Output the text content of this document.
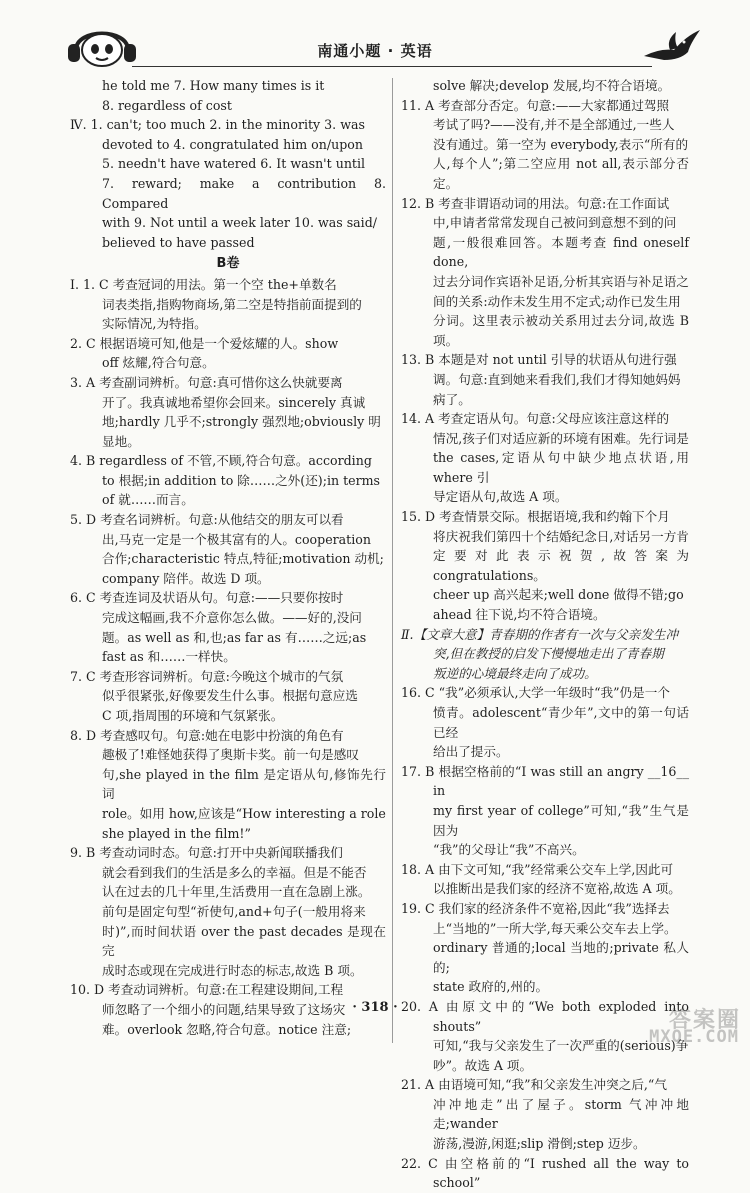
南通小题 · 英语

he told me 7. How many times is it

8. regardless of cost

Ⅳ. 1. can't; too much 2. in the minority 3. was

devoted to 4. congratulated him on/upon

5. needn't have watered 6. It wasn't until

7. reward; make a contribution 8. Compared

with 9. Not until a week later 10. was said/

believed to have passed

B卷

Ⅰ. 1. C 考查冠词的用法。第一个空 the+单数名

词表类指,指购物商场,第二空是特指前面提到的

实际情况,为特指。

2. C 根据语境可知,他是一个爱炫耀的人。show

off 炫耀,符合句意。

3. A 考查副词辨析。句意:真可惜你这么快就要离

开了。我真诚地希望你会回来。sincerely 真诚

地;hardly 几乎不;strongly 强烈地;obviously 明

显地。

4. B regardless of 不管,不顾,符合句意。according

to 根据;in addition to 除……之外(还);in terms

of 就……而言。

5. D 考查名词辨析。句意:从他结交的朋友可以看

出,马克一定是一个极其富有的人。cooperation

合作;characteristic 特点,特征;motivation 动机;

company 陪伴。故选 D 项。

6. C 考查连词及状语从句。句意:——只要你按时

完成这幅画,我不介意你怎么做。——好的,没问

题。as well as 和,也;as far as 有……之远;as

fast as 和……一样快。

7. C 考查形容词辨析。句意:今晚这个城市的气氛

似乎很紧张,好像要发生什么事。根据句意应选

C 项,指周围的环境和气氛紧张。

8. D 考查感叹句。句意:她在电影中扮演的角色有

趣极了!难怪她获得了奥斯卡奖。前一句是感叹

句,she played in the film 是定语从句,修饰先行词

role。如用 how,应该是“How interesting a role

she played in the film!”

9. B 考查动词时态。句意:打开中央新闻联播我们

就会看到我们的生活是多么的幸福。但是不能否

认在过去的几十年里,生活费用一直在急剧上涨。

前句是固定句型“祈使句,and+句子(一般用将来

时)”,而时间状语 over the past decades 是现在完

成时态或现在完成进行时态的标志,故选 B 项。

10. D 考查动词辨析。句意:在工程建设期间,工程

师忽略了一个细小的问题,结果导致了这场灾

难。overlook 忽略,符合句意。notice 注意;

solve 解决;develop 发展,均不符合语境。

11. A 考查部分否定。句意:——大家都通过驾照

考试了吗?——没有,并不是全部通过,一些人

没有通过。第一空为 everybody,表示“所有的

人,每个人”;第二空应用 not all,表示部分否定。

12. B 考查非谓语动词的用法。句意:在工作面试

中,申请者常常发现自己被问到意想不到的问

题,一般很难回答。本题考查 find oneself done,

过去分词作宾语补足语,分析其宾语与补足语之

间的关系:动作未发生用不定式;动作已发生用

分词。这里表示被动关系用过去分词,故选 B 项。

13. B 本题是对 not until 引导的状语从句进行强

调。句意:直到她来看我们,我们才得知她妈妈

病了。

14. A 考查定语从句。句意:父母应该注意这样的

情况,孩子们对适应新的环境有困难。先行词是

the cases,定语从句中缺少地点状语,用 where 引

导定语从句,故选 A 项。

15. D 考查情景交际。根据语境,我和约翰下个月

将庆祝我们第四十个结婚纪念日,对话另一方肯

定要对此表示祝贺,故答案为 congratulations。

cheer up 高兴起来;well done 做得不错;go

ahead 往下说,均不符合语境。

Ⅱ.【文章大意】青春期的作者有一次与父亲发生冲

突,但在教授的启发下慢慢地走出了青春期

叛逆的心境最终走向了成功。

16. C “我”必须承认,大学一年级时“我”仍是一个

愤青。adolescent“青少年”,文中的第一句话已经

给出了提示。

17. B 根据空格前的“I was still an angry __16__ in

my first year of college”可知,“我”生气是因为

“我”的父母让“我”不高兴。

18. A 由下文可知,“我”经常乘公交车上学,因此可

以推断出是我们家的经济不宽裕,故选 A 项。

19. C 我们家的经济条件不宽裕,因此“我”选择去

上“当地的”一所大学,每天乘公交车去上学。

ordinary 普通的;local 当地的;private 私人的;

state 政府的,州的。

20. A 由原文中的“We both exploded into shouts”

可知,“我与父亲发生了一次严重的(serious)争

吵”。故选 A 项。

21. A 由语境可知,“我”和父亲发生冲突之后,“气

冲冲地走”出了屋子。storm 气冲冲地走;wander

游荡,漫游,闲逛;slip 滑倒;step 迈步。

22. C 由空格前的“I rushed all the way to school”

· 318 ·
答案圈
MXQE.COM
